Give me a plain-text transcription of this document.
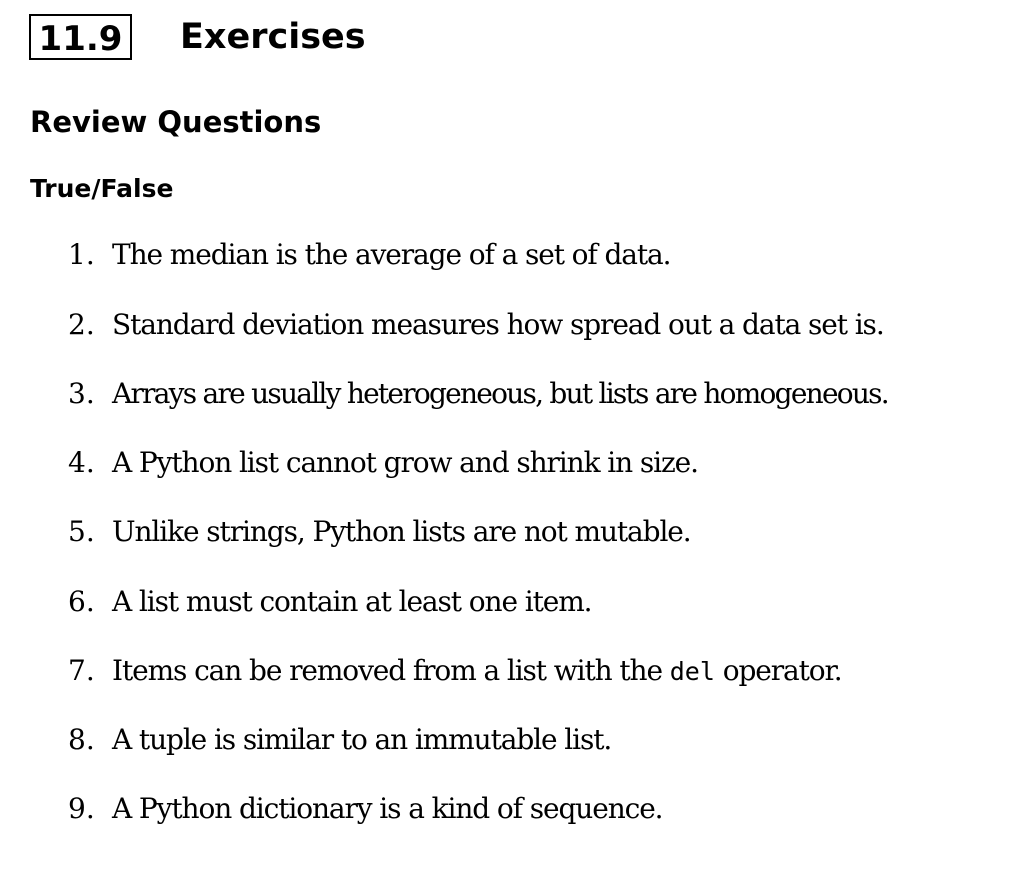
11.9 Exercises
Review Questions
True/False
1. The median is the average of a set of data.
2. Standard deviation measures how spread out a data set is.
3. Arrays are usually heterogeneous, but lists are homogeneous.
4. A Python list cannot grow and shrink in size.
5. Unlike strings, Python lists are not mutable.
6. A list must contain at least one item.
7. Items can be removed from a list with the del operator.
8. A tuple is similar to an immutable list.
9. A Python dictionary is a kind of sequence.
